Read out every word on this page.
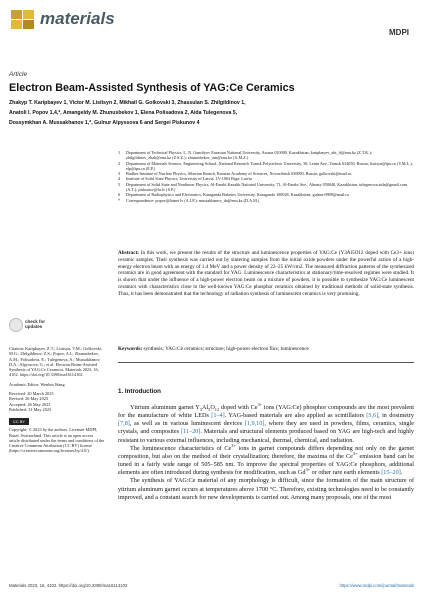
materials
MDPI
Article
Electron Beam-Assisted Synthesis of YAG:Ce Ceramics
Zhakyp T. Karipbayev 1, Victor M. Lisitsyn 2, Mikhail G. Golkovski 3, Zhassulan S. Zhilgildinov 1,
Anatoli I. Popov 1,4,*, Amangeldy M. Zhunusbekov 1, Elena Polisadova 2, Aida Tulegenova 5,
Dossymkhan A. Mussakhanov 1,*, Gulnur Alpyssova 6 and Sergei Piskunov 4
1 Department of Technical Physics, L. N. Gumilyov Eurasian National University, Astana 010000, Kazakhstan; karipbayev_zht_lt@enu.kz (Z.T.K.); zhilgildinov_zhzh@enu.kz (Z.S.Z.); zhunusbekov_am@enu.kz (A.M.Z.)
2 Department of Materials Science, Engineering School, National Research Tomsk Polytechnic University, 30, Lenin Ave., Tomsk 634050, Russia; lisitsyn@tpu.ru (V.M.L.); elp@tpu.ru (E.P.)
3 Budker Institute of Nuclear Physics, Siberian Branch, Russian Academy of Sciences, Novosibirsk 630090, Russia; golkovski@mail.ru
4 Institute of Solid State Physics, University of Latvia, LV-1063 Riga, Latvia
5 Department of Solid State and Nonlinear Physics, Al-Farabi Kazakh National University, 71, Al-Farabi Ave., Almaty 050040, Kazakhstan; tulegenova.aida@gmail.com (A.T.); piskunov@lu.lv (S.P.)
6 Department of Radiophysics and Electronics, Karaganda Buketov University, Karaganda 100028, Kazakhstan; gulnar-0909@mail.ru
* Correspondence: popov@latnet.lv (A.I.P.); mussakhanov_da@enu.kz (D.A.M.)
check for
updates
Citation: Karipbayev, Z.T.; Lisitsyn, V.M.; Golkovski, M.G.; Zhilgildinov, Z.S.; Popov, A.I.; Zhunusbekov, A.M.; Polisadova, E.; Tulegenova, A.; Mussakhanov, D.A.; Alpyssova, G.; et al. Electron Beam-Assisted Synthesis of YAG:Ce Ceramics. Materials 2023, 16, 4102. https://doi.org/10.3390/ma16114102
Academic Editor: Wenbin Wang
Received: 20 March 2023
Revised: 26 May 2023
Accepted: 26 May 2023
Published: 31 May 2023
CC BY
Copyright: © 2023 by the authors. Licensee MDPI, Basel, Switzerland. This article is an open access article distributed under the terms and conditions of the Creative Commons Attribution (CC BY) license (https://creativecommons.org/licenses/by/4.0/).
Abstract: In this work, we present the results of the structure and luminescence properties of YAG:Ce (Y3Al5O12 doped with Ce3+ ions) ceramic samples. Their synthesis was carried out by sintering samples from the initial oxide powders under the powerful action of a high-energy electron beam with an energy of 1.4 MeV and a power density of 22–25 kW/cm2. The measured diffraction patterns of the synthesized ceramics are in good agreement with the standard for YAG. Luminescence characteristics at stationary/time-resolved regimes were studied. It is shown that under the influence of a high-power electron beam on a mixture of powders, it is possible to synthesize YAG:Ce luminescent ceramics with characteristics close to the well-known YAG:Ce phosphor ceramics obtained by traditional methods of solid-state synthesis. Thus, it has been demonstrated that the technology of radiation synthesis of luminescent ceramics is very promising.
Keywords: synthesis; YAG:Ce ceramics; structure; high-power electron flux; luminescence
1. Introduction

Yttrium aluminum garnet $Y_3Al_5O_{12}$ doped with $Ce^{3+}$ ions (YAG:Ce) phosphor compounds are the most prevalent for the manufacture of white LEDs [1–4]. YAG-based materials are also applied as scintillators [5,6], in dosimetry [7,8], as well as in various luminescent devices [1,9,10], where they are used in powders, films, ceramics, single crystals, and composites [11–20]. Materials and structural elements produced based on YAG are high-tech and highly resistant to various external influences, including mechanical, thermal, chemical, and radiation.

The luminescence characteristics of $Ce^{3+}$ ions in garnet compounds differs depending not only on the garnet composition, but also on the method of their crystallization; therefore, the maxima of the $Ce^{3+}$ emission band can be tuned in a fairly wide range of 505–585 nm. To improve the spectral properties of YAG:Ce phosphors, additional elements are often introduced during synthesis for modification, such as $Gd^{3+}$ or other rare earth elements [15–20].

The synthesis of YAG:Ce material of any morphology is difficult, since the formation of the main structure of yttrium aluminum garnet occurs at temperatures above 1700 °C. Therefore, existing technologies need to be constantly improved, and a constant search for new developments is carried out. Among many proposals, one of the most

Materials 2023, 16, 4102. https://doi.org/10.3390/ma16114102	https://www.mdpi.com/journal/materials
